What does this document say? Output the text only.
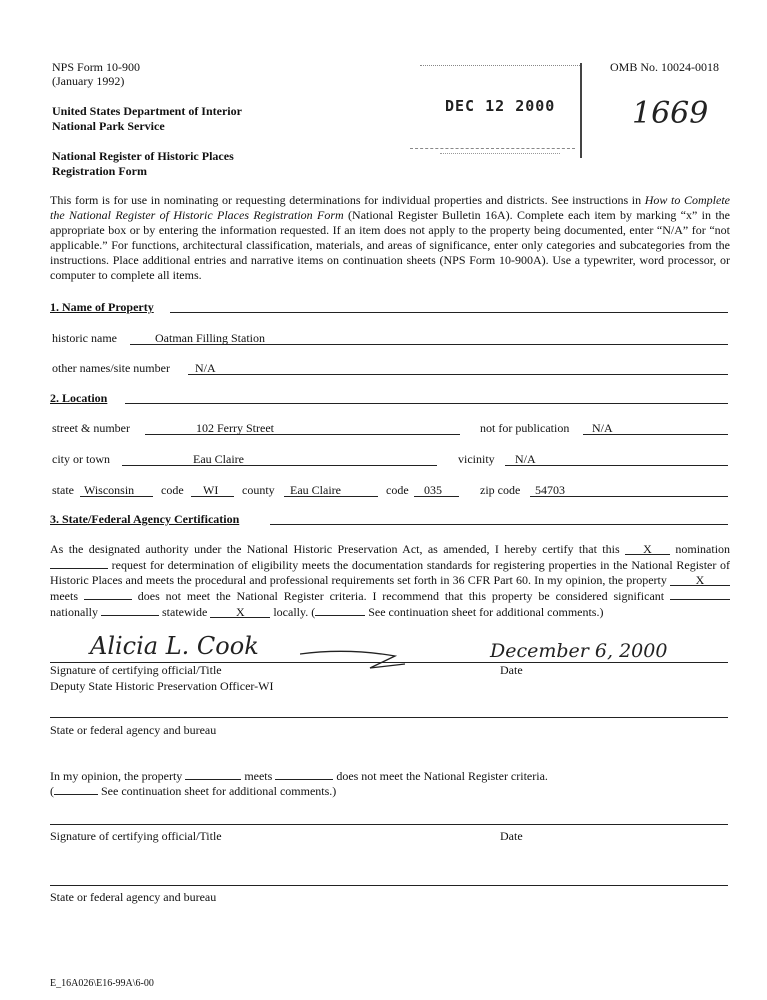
NPS Form 10-900
(January 1992)
United States Department of Interior
National Park Service
National Register of Historic Places
Registration Form
OMB No. 10024-0018
DEC 12 2000	1669
This form is for use in nominating or requesting determinations for individual properties and districts. See instructions in How to Complete the National Register of Historic Places Registration Form (National Register Bulletin 16A). Complete each item by marking “x” in the appropriate box or by entering the information requested. If an item does not apply to the property being documented, enter “N/A” for “not applicable.” For functions, architectural classification, materials, and areas of significance, enter only categories and subcategories from the instructions. Place additional entries and narrative items on continuation sheets (NPS Form 10-900A). Use a typewriter, word processor, or computer to complete all items.
1. Name of Property
historic name	Oatman Filling Station
other names/site number N/A
2. Location
street & number	102 Ferry Street	not for publication N/A
city or town	Eau Claire	vicinity N/A
state Wisconsin code WI county Eau Claire	code 035	zip code 54703
3. State/Federal Agency Certification
As the designated authority under the National Historic Preservation Act, as amended, I hereby certify that this X nomination  request for determination of eligibility meets the documentation standards for registering properties in the National Register of Historic Places and meets the procedural and professional requirements set forth in 36 CFR Part 60. In my opinion, the property X meets	does not meet the National Register criteria. I recommend that this property be considered significant  nationally	statewide X locally. (	See continuation sheet for additional comments.)
Alicia L. Cook	December 6, 2000
Signature of certifying official/Title	Date
Deputy State Historic Preservation Officer-WI
State or federal agency and bureau
In my opinion, the property	meets	does not meet the National Register criteria.
(	See continuation sheet for additional comments.)
Signature of certifying official/Title	Date
State or federal agency and bureau
E_16A026\E16-99A\6-00
